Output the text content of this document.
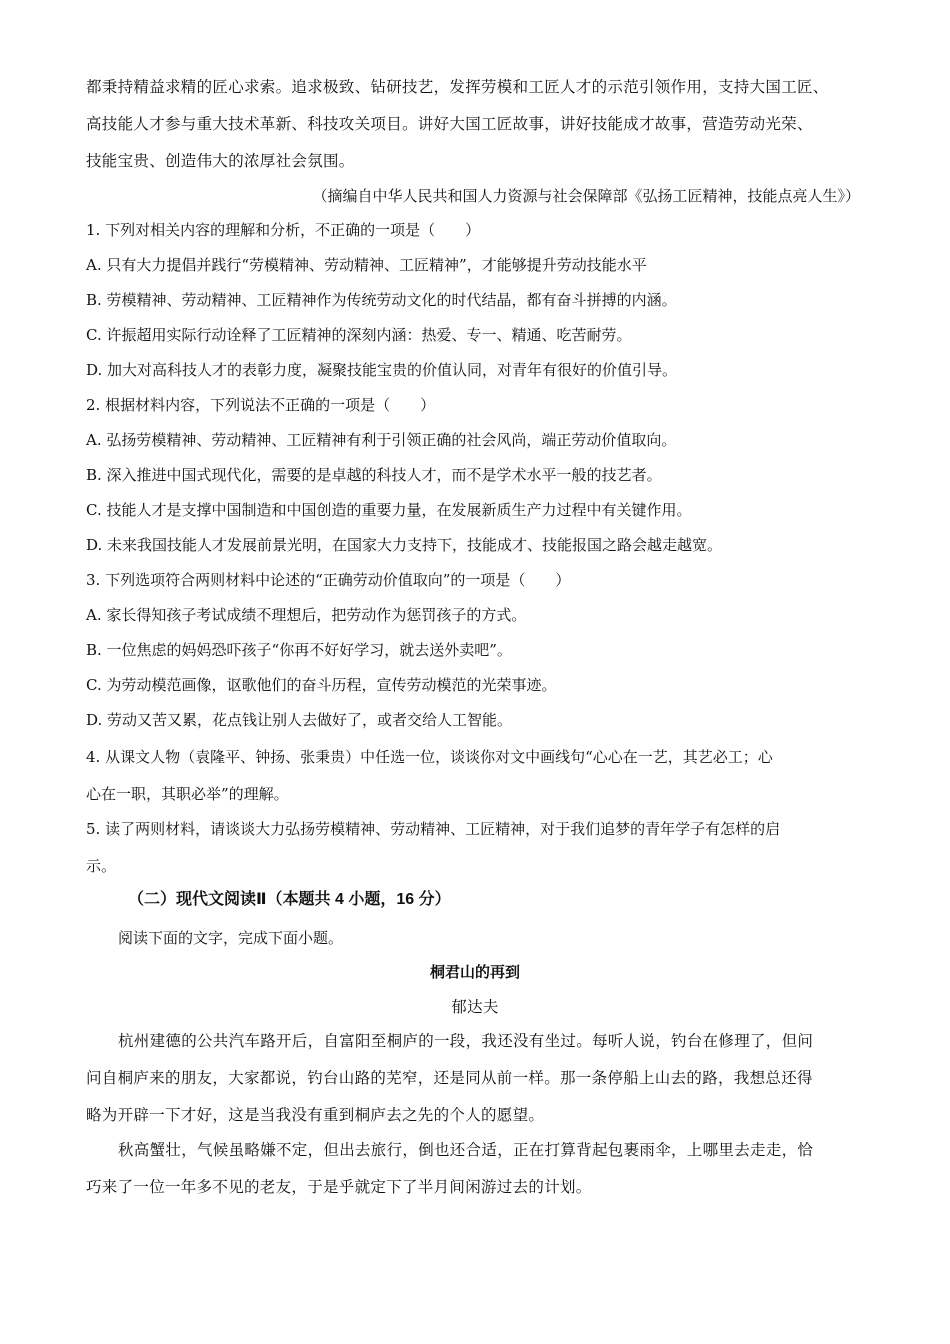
都秉持精益求精的匠心求索。追求极致、钻研技艺，发挥劳模和工匠人才的示范引领作用，支持大国工匠、

高技能人才参与重大技术革新、科技攻关项目。讲好大国工匠故事，讲好技能成才故事，营造劳动光荣、

技能宝贵、创造伟大的浓厚社会氛围。

（摘编自中华人民共和国人力资源与社会保障部《弘扬工匠精神，技能点亮人生》）

1. 下列对相关内容的理解和分析，不正确的一项是（　　）

A. 只有大力提倡并践行“劳模精神、劳动精神、工匠精神”，才能够提升劳动技能水平

B. 劳模精神、劳动精神、工匠精神作为传统劳动文化的时代结晶，都有奋斗拼搏的内涵。

C. 许振超用实际行动诠释了工匠精神的深刻内涵：热爱、专一、精通、吃苦耐劳。

D. 加大对高科技人才的表彰力度，凝聚技能宝贵的价值认同，对青年有很好的价值引导。

2. 根据材料内容，下列说法不正确的一项是（　　）

A. 弘扬劳模精神、劳动精神、工匠精神有利于引领正确的社会风尚，端正劳动价值取向。

B. 深入推进中国式现代化，需要的是卓越的科技人才，而不是学术水平一般的技艺者。

C. 技能人才是支撑中国制造和中国创造的重要力量，在发展新质生产力过程中有关键作用。

D. 未来我国技能人才发展前景光明，在国家大力支持下，技能成才、技能报国之路会越走越宽。

3. 下列选项符合两则材料中论述的“正确劳动价值取向”的一项是（　　）

A. 家长得知孩子考试成绩不理想后，把劳动作为惩罚孩子的方式。

B. 一位焦虑的妈妈恐吓孩子“你再不好好学习，就去送外卖吧”。

C. 为劳动模范画像，讴歌他们的奋斗历程，宣传劳动模范的光荣事迹。

D. 劳动又苦又累，花点钱让别人去做好了，或者交给人工智能。

4. 从课文人物（袁隆平、钟扬、张秉贵）中任选一位，谈谈你对文中画线句“心心在一艺，其艺必工；心

心在一职，其职必举”的理解。

5. 读了两则材料，请谈谈大力弘扬劳模精神、劳动精神、工匠精神，对于我们追梦的青年学子有怎样的启

示。

（二）现代文阅读Ⅱ（本题共 4 小题，16 分）

阅读下面的文字，完成下面小题。

桐君山的再到

郁达夫

杭州建德的公共汽车路开后，自富阳至桐庐的一段，我还没有坐过。每听人说，钓台在修理了，但问

问自桐庐来的朋友，大家都说，钓台山路的芜窄，还是同从前一样。那一条停船上山去的路，我想总还得

略为开辟一下才好，这是当我没有重到桐庐去之先的个人的愿望。

秋高蟹壮，气候虽略嫌不定，但出去旅行，倒也还合适，正在打算背起包裹雨伞，上哪里去走走，恰

巧来了一位一年多不见的老友，于是乎就定下了半月间闲游过去的计划。
